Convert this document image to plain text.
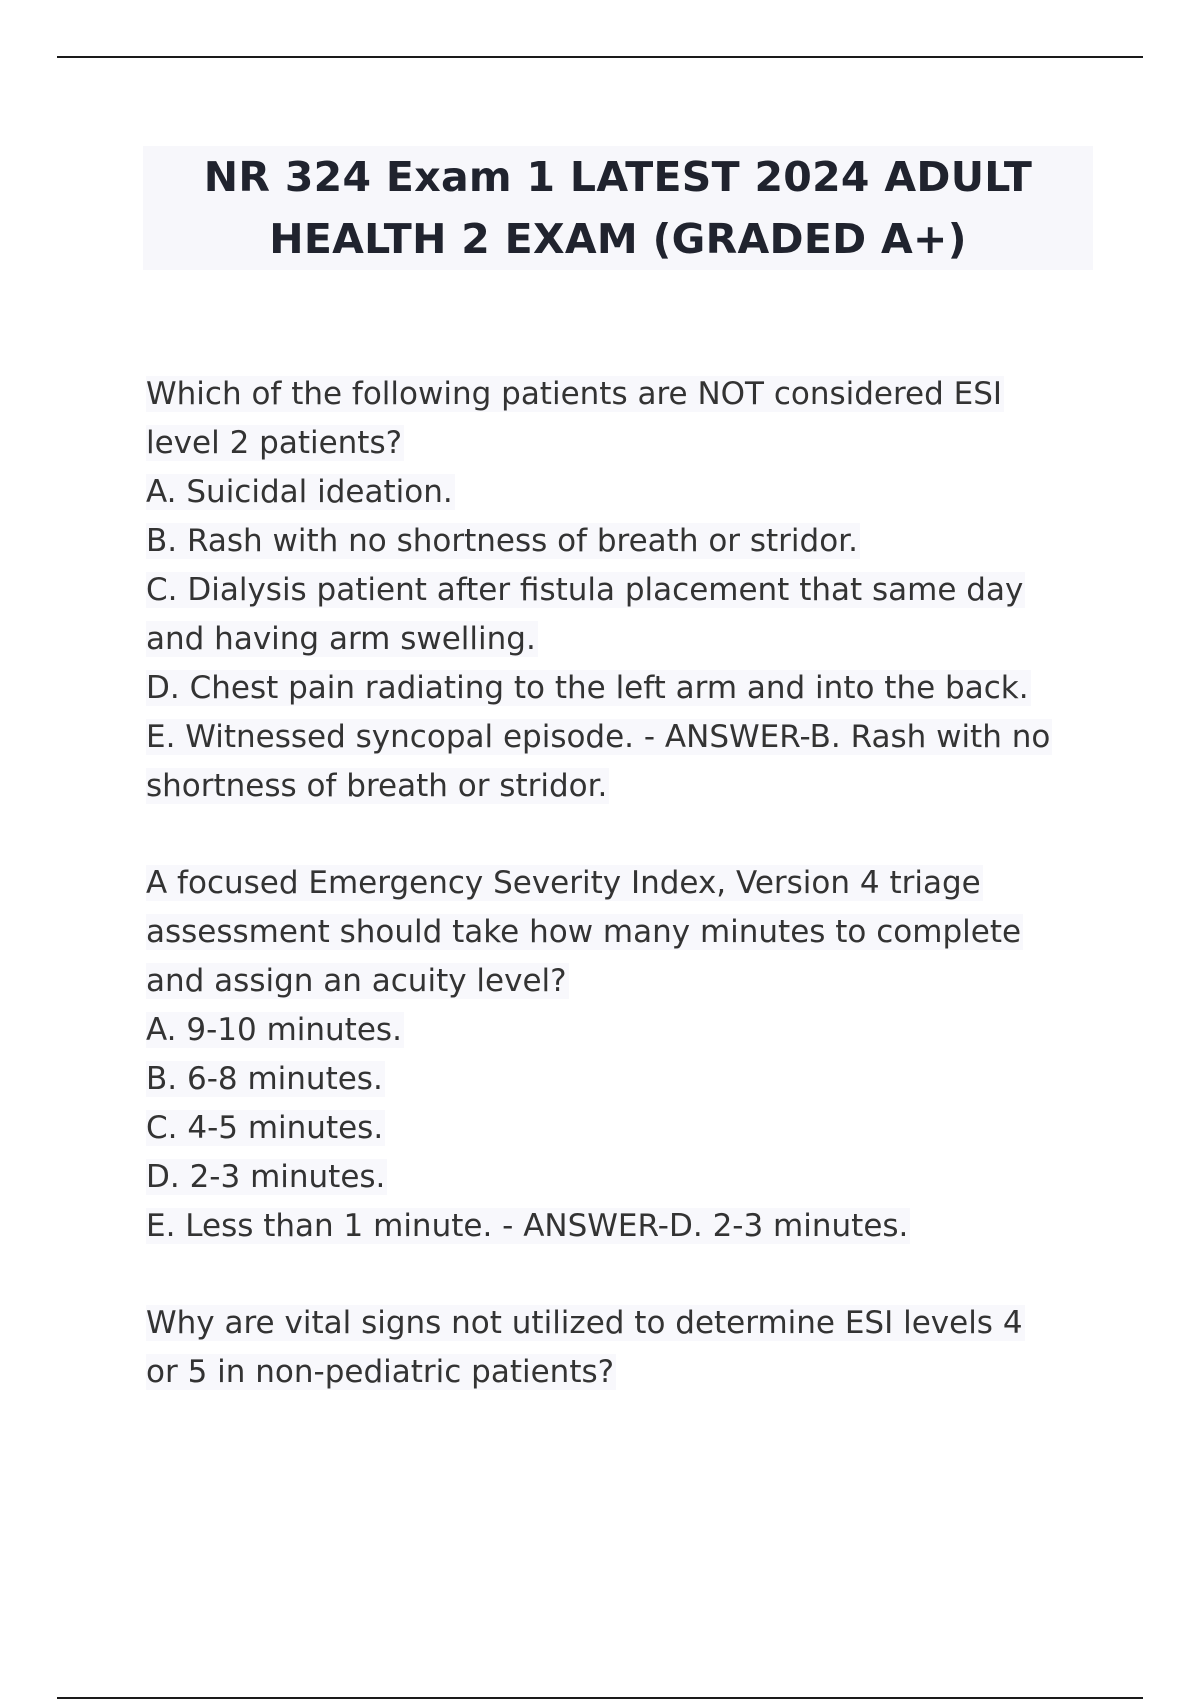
NR 324 Exam 1 LATEST 2024 ADULT
HEALTH 2 EXAM (GRADED A+)
Which of the following patients are NOT considered ESI
level 2 patients?
A. Suicidal ideation.
B. Rash with no shortness of breath or stridor.
C. Dialysis patient after fistula placement that same day
and having arm swelling.
D. Chest pain radiating to the left arm and into the back.
E. Witnessed syncopal episode. - ANSWER-B. Rash with no
shortness of breath or stridor.
A focused Emergency Severity Index, Version 4 triage
assessment should take how many minutes to complete
and assign an acuity level?
A. 9-10 minutes.
B. 6-8 minutes.
C. 4-5 minutes.
D. 2-3 minutes.
E. Less than 1 minute. - ANSWER-D. 2-3 minutes.
Why are vital signs not utilized to determine ESI levels 4
or 5 in non-pediatric patients?
